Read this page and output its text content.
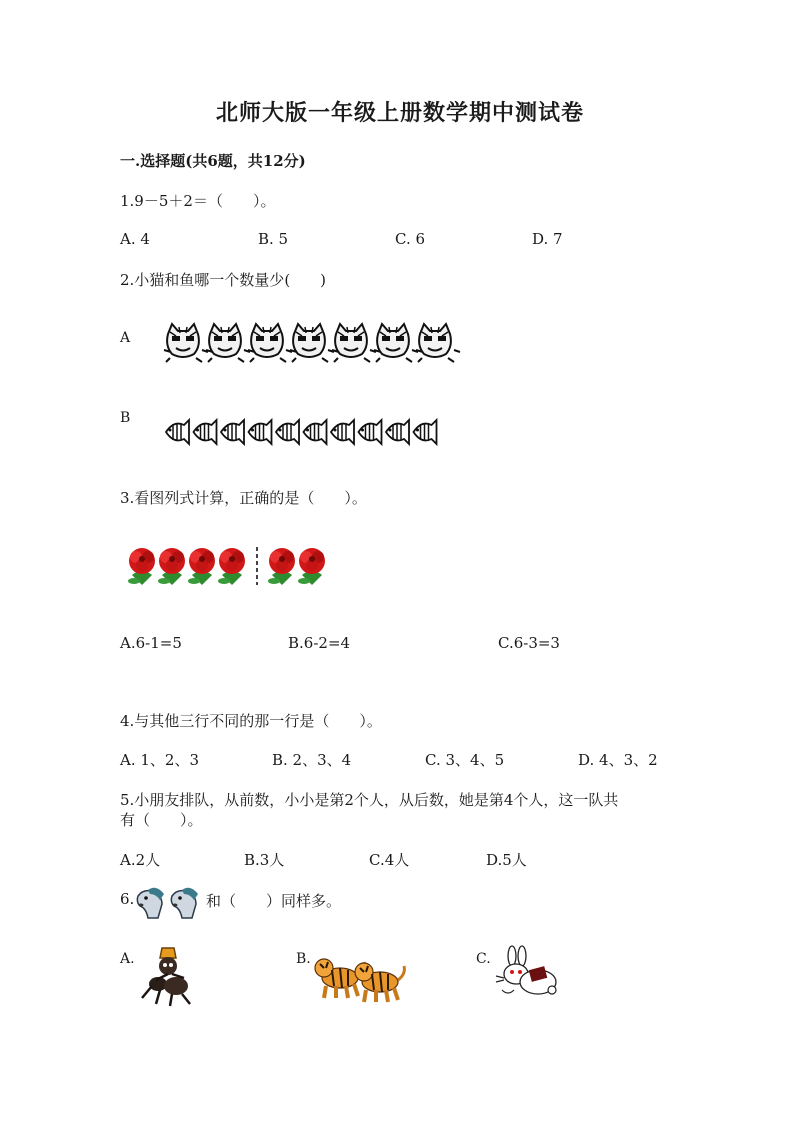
北师大版一年级上册数学期中测试卷
一.选择题(共6题，共12分)
1.9－5＋2＝（　　）。
A. 4	B. 5	C. 6	D. 7
2.小猫和鱼哪一个数量少(　　)
A
B
3.看图列式计算，正确的是（　　）。
A.6-1=5	B.6-2=4	C.6-3=3
4.与其他三行不同的那一行是（　　）。
A. 1、2、3	B. 2、3、4	C. 3、4、5	D. 4、3、2
5.小朋友排队，从前数，小小是第2个人，从后数，她是第4个人，这一队共
有（　　）。
A.2人	B.3人	C.4人	D.5人
6.	和（　　）同样多。
A.	B.	C.
